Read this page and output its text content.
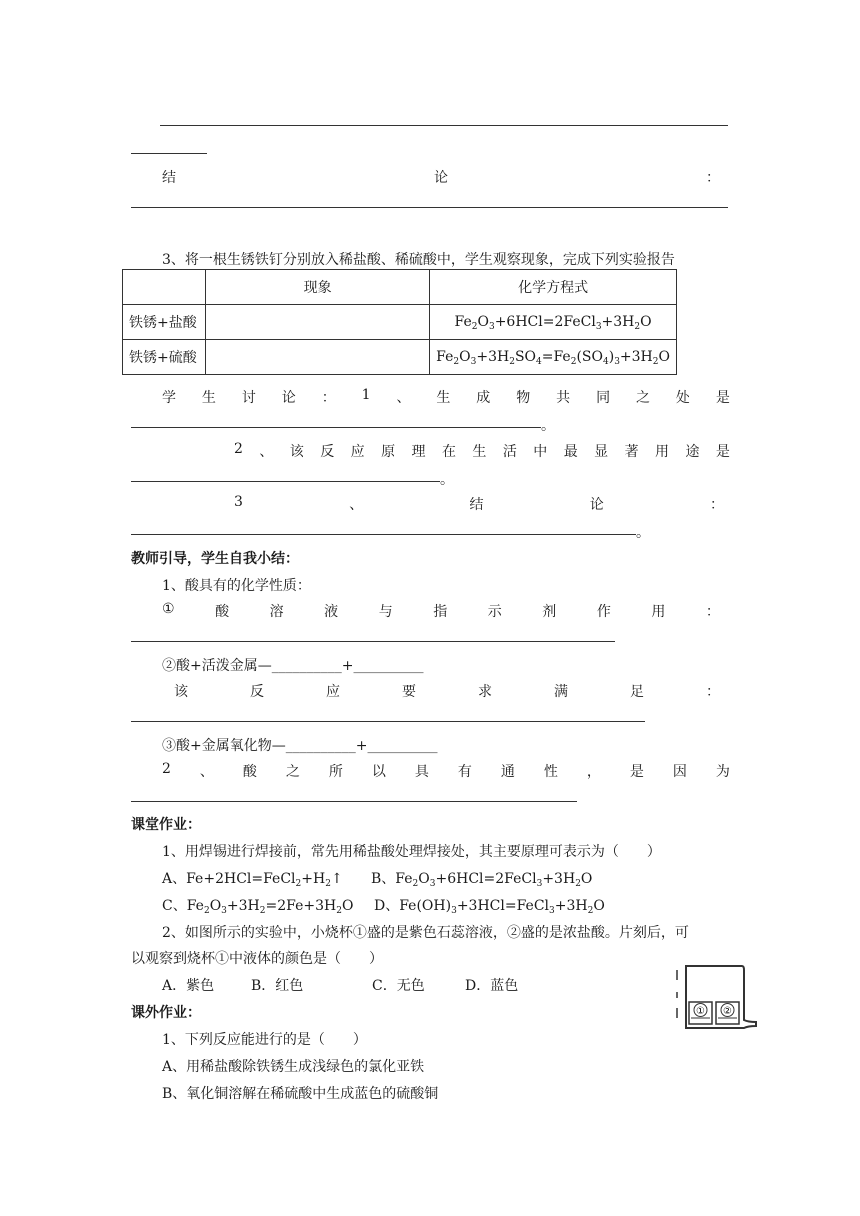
结	论	：
3、将一根生锈铁钉分别放入稀盐酸、稀硫酸中，学生观察现象，完成下列实验报告
	现象	化学方程式
铁锈+盐酸		$Fe_2O_3+6HCl=2FeCl_3+3H_2O$
铁锈+硫酸		$Fe_2O_3+3H_2SO_4=Fe_2(SO_4)_3+3H_2O$
学 生 讨 论 ： 1 、 生 成 物 共 同 之 处 是
。
2 、 该 反 应 原 理 在 生 活 中 最 显 著 用 途 是
。
3	、	结	论	：
。
教师引导，学生自我小结：
1、酸具有的化学性质：
①	酸	溶	液	与	指	示	剂	作	用	：
②酸+活泼金属—__________+__________
该	反	应	要	求	满	足	：
③酸+金属氧化物—__________+__________
2 、 酸 之 所 以 具 有 通 性 ， 是 因 为
课堂作业：
1、用焊锡进行焊接前，常先用稀盐酸处理焊接处，其主要原理可表示为（　　）
A、$Fe+2HCl=FeCl_2+H_2↑$ B、$Fe_2O_3+6HCl=2FeCl_3+3H_2O$
C、$Fe_2O_3+3H_2=2Fe+3H_2O$ D、$Fe(OH)_3+3HCl=FeCl_3+3H_2O$
2、如图所示的实验中，小烧杯①盛的是紫色石蕊溶液，②盛的是浓盐酸。片刻后，可
以观察到烧杯①中液体的颜色是（　　）
A．紫色	B．红色	C．无色	D．蓝色
① ②
课外作业：
1、下列反应能进行的是（　　）
A、用稀盐酸除铁锈生成浅绿色的氯化亚铁
B、氧化铜溶解在稀硫酸中生成蓝色的硫酸铜
